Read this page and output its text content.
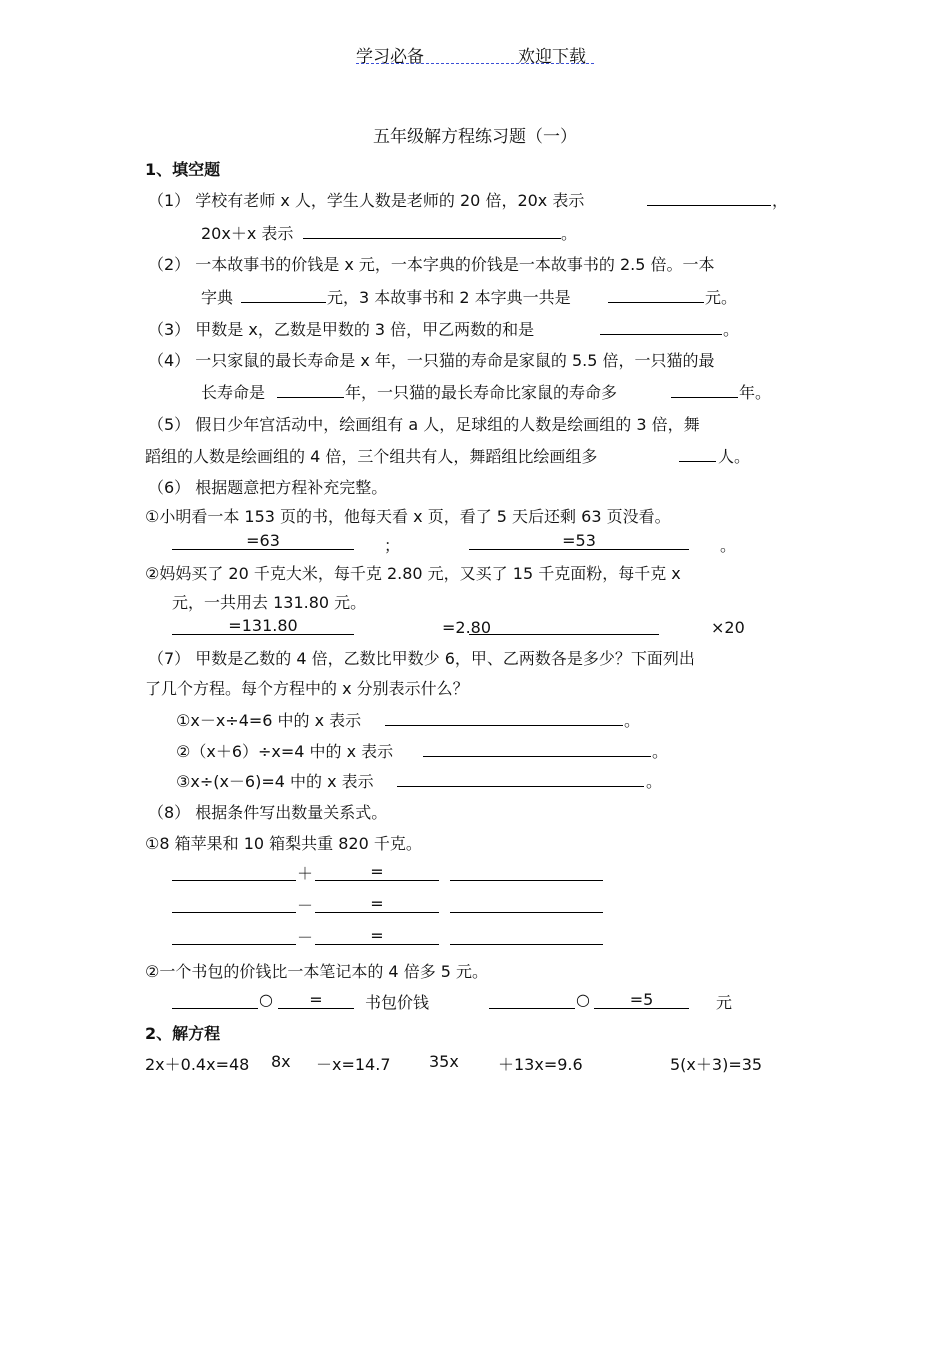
学习必备	欢迎下载
五年级解方程练习题（一）
1、填空题
（1） 学校有老师 x 人，学生人数是老师的 20 倍，20x 表示	，
20x＋x 表示	。
（2） 一本故事书的价钱是 x 元，一本字典的价钱是一本故事书的 2.5 倍。一本
字典	元，3 本故事书和 2 本字典一共是	元。
（3） 甲数是 x，乙数是甲数的 3 倍，甲乙两数的和是	。
（4） 一只家鼠的最长寿命是 x 年，一只猫的寿命是家鼠的 5.5 倍，一只猫的最
长寿命是	年，一只猫的最长寿命比家鼠的寿命多	年。
（5） 假日少年宫活动中，绘画组有 a 人，足球组的人数是绘画组的 3 倍，舞
蹈组的人数是绘画组的 4 倍，三个组共有人，舞蹈组比绘画组多	人。
（6） 根据题意把方程补充完整。
①小明看一本 153 页的书，他每天看 x 页，看了 5 天后还剩 63 页没看。
=63	；	=53	。
②妈妈买了 20 千克大米，每千克 2.80 元，又买了 15 千克面粉，每千克 x
元，一共用去 131.80 元。
=131.80	=2.80	×20
（7） 甲数是乙数的 4 倍，乙数比甲数少 6，甲、乙两数各是多少？下面列出
了几个方程。每个方程中的 x 分别表示什么？
①x－x÷4=6 中的 x 表示	。
②（x＋6）÷x=4 中的 x 表示	。
③x÷(x－6)=4 中的 x 表示	。
（8） 根据条件写出数量关系式。
①8 箱苹果和 10 箱梨共重 820 千克。
＋	=
－	=
－	=
②一个书包的价钱比一本笔记本的 4 倍多 5 元。
○	=	书包价钱	○	=5	元
2、解方程
2x＋0.4x=48 8x －x=14.7 35x ＋13x=9.6	5(x＋3)=35
